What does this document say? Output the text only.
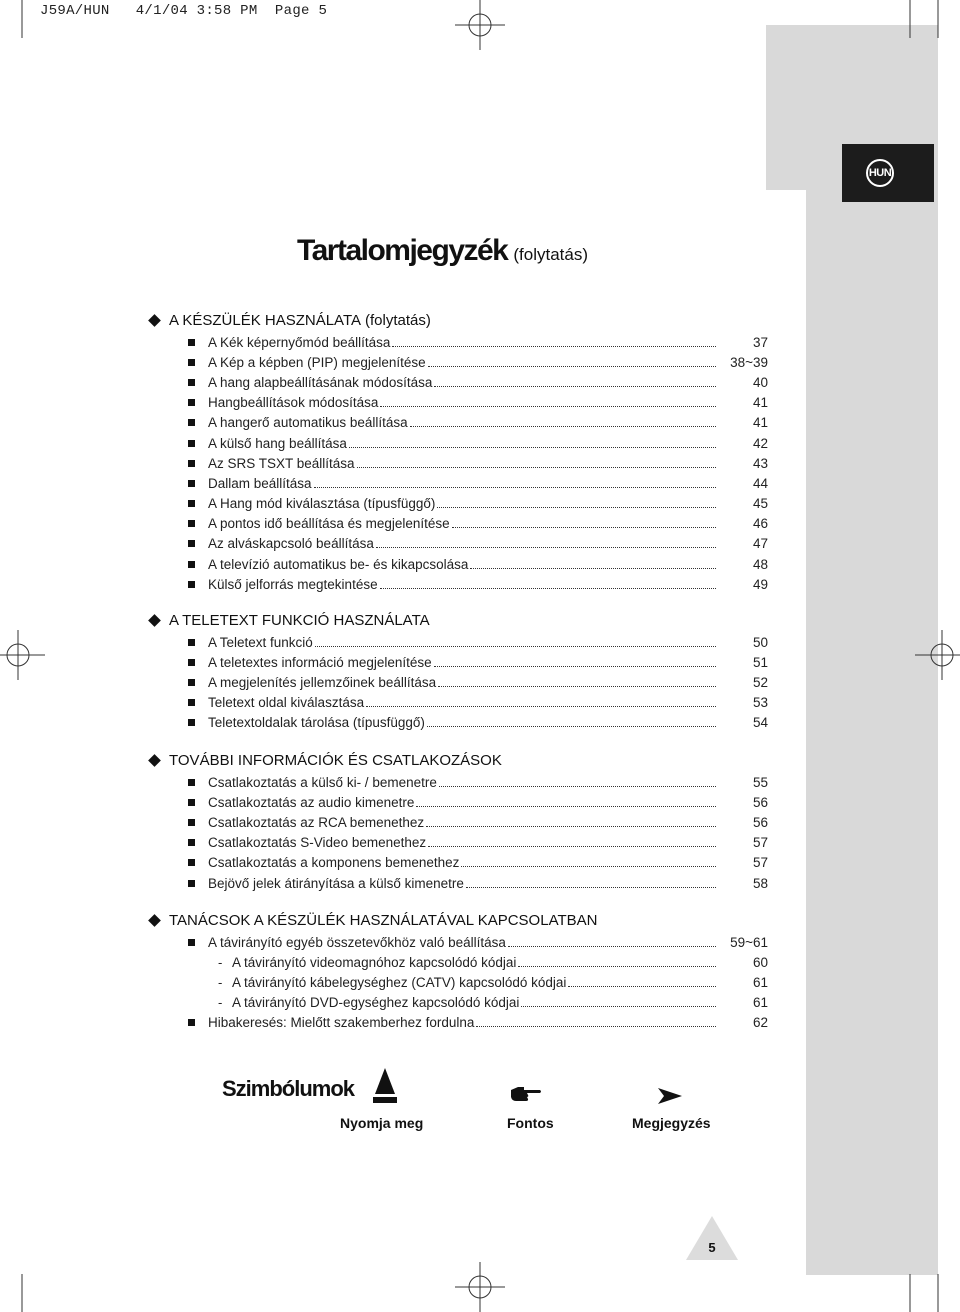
J59A/HUN   4/1/04 3:58 PM  Page 5
HUN
Tartalomjegyzék (folytatás)
A KÉSZÜLÉK HASZNÁLATA (folytatás)
A Kék képernyőmód beállítása	37
A Kép a képben (PIP) megjelenítése	38~39
A hang alapbeállításának módosítása	40
Hangbeállítások módosítása	41
A hangerő automatikus beállítása	41
A külső hang beállítása	42
Az SRS TSXT beállítása	43
Dallam beállítása	44
A Hang mód kiválasztása (típusfüggő)	45
A pontos idő beállítása és megjelenítése	46
Az alváskapcsoló beállítása	47
A televízió automatikus be- és kikapcsolása	48
Külső jelforrás megtekintése	49
A TELETEXT FUNKCIÓ HASZNÁLATA
A Teletext funkció	50
A teletextes információ megjelenítése	51
A megjelenítés jellemzőinek beállítása	52
Teletext oldal kiválasztása	53
Teletextoldalak tárolása (típusfüggő)	54
TOVÁBBI INFORMÁCIÓK ÉS CSATLAKOZÁSOK
Csatlakoztatás a külső ki- / bemenetre	55
Csatlakoztatás az audio kimenetre	56
Csatlakoztatás az RCA bemenethez	56
Csatlakoztatás S-Video bemenethez	57
Csatlakoztatás a komponens bemenethez	57
Bejövő jelek átirányítása a külső kimenetre	58
TANÁCSOK A KÉSZÜLÉK HASZNÁLATÁVAL KAPCSOLATBAN
A távirányító egyéb összetevőkhöz való beállítása	59~61
- A távirányító videomagnóhoz kapcsolódó kódjai	60
- A távirányító kábelegységhez (CATV) kapcsolódó kódjai	61
- A távirányító DVD-egységhez kapcsolódó kódjai	61
Hibakeresés: Mielőtt szakemberhez fordulna	62
Szimbólumok
Nyomja meg	Fontos	Megjegyzés
5
